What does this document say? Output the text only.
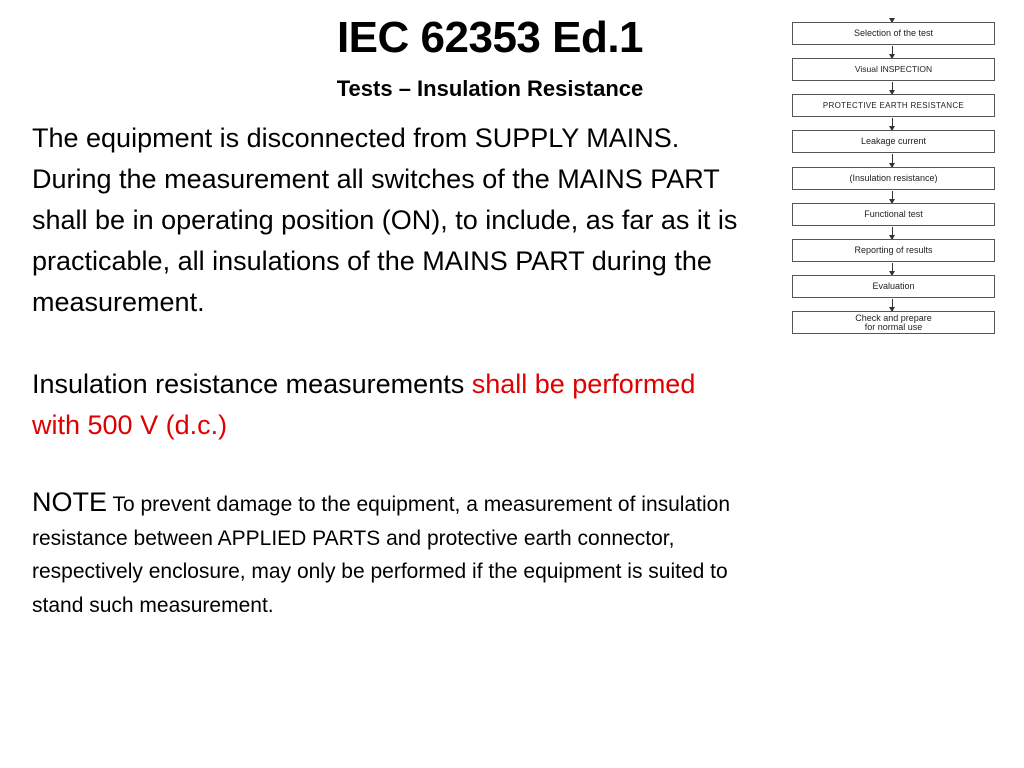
IEC 62353 Ed.1
Tests – Insulation Resistance

The equipment is disconnected from SUPPLY MAINS.

During the measurement all switches of the MAINS PART shall be in operating position (ON), to include, as far as it is practicable, all insulations of the MAINS PART during the measurement.

Insulation resistance measurements shall be performed with 500 V (d.c.)

NOTE To prevent damage to the equipment, a measurement of insulation resistance between APPLIED PARTS and protective earth connector, respectively enclosure, may only be performed if the equipment is suited to stand such measurement.

Selection of the test
Visual INSPECTION
PROTECTIVE EARTH RESISTANCE
Leakage current
(Insulation resistance)
Functional test
Reporting of results
Evaluation
Check and prepare
for normal use
